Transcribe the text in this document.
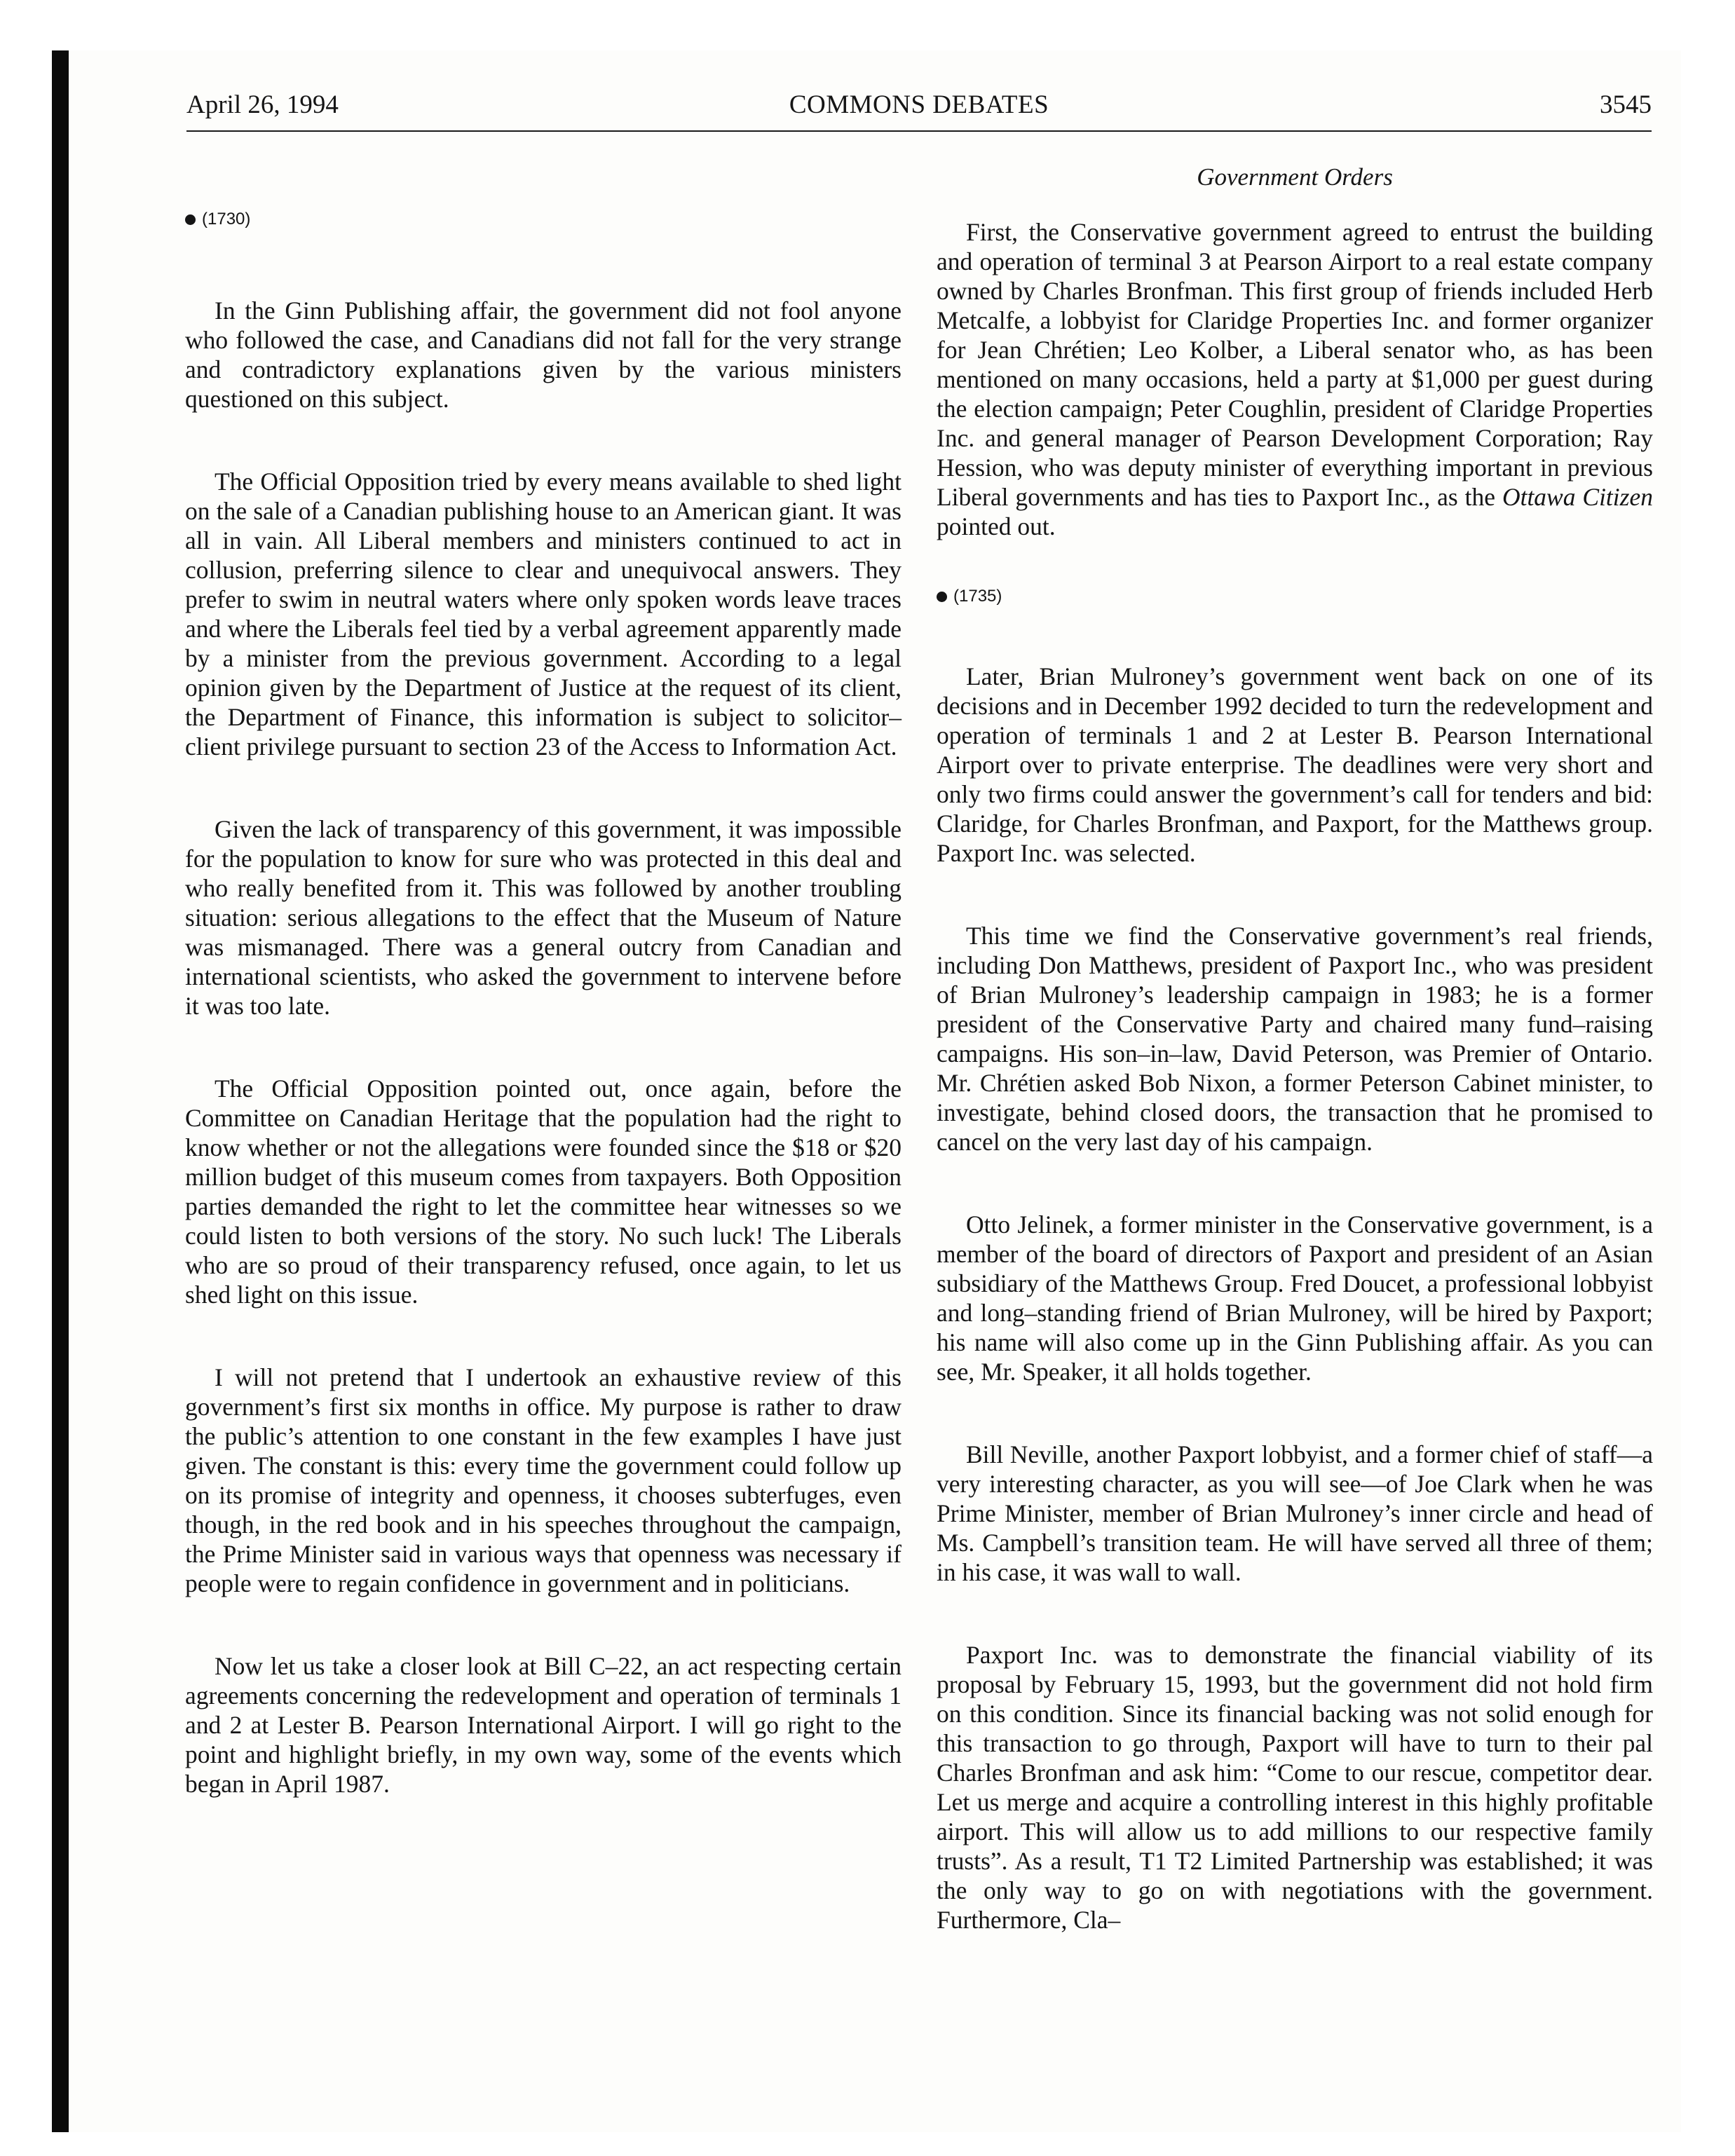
April 26, 1994	COMMONS DEBATES	3545
(1730)

In the Ginn Publishing affair, the government did not fool anyone who followed the case, and Canadians did not fall for the very strange and contradictory explanations given by the various ministers questioned on this subject.

The Official Opposition tried by every means available to shed light on the sale of a Canadian publishing house to an American giant. It was all in vain. All Liberal members and ministers continued to act in collusion, preferring silence to clear and unequivocal answers. They prefer to swim in neutral waters where only spoken words leave traces and where the Liberals feel tied by a verbal agreement apparently made by a minister from the previous government. According to a legal opinion given by the Department of Justice at the request of its client, the Department of Finance, this information is subject to solicitor–client privilege pursuant to section 23 of the Access to Information Act.

Given the lack of transparency of this government, it was impossible for the population to know for sure who was protected in this deal and who really benefited from it. This was followed by another troubling situation: serious allegations to the effect that the Museum of Nature was mismanaged. There was a general outcry from Canadian and international scientists, who asked the government to intervene before it was too late.

The Official Opposition pointed out, once again, before the Committee on Canadian Heritage that the population had the right to know whether or not the allegations were founded since the $18 or $20 million budget of this museum comes from taxpayers. Both Opposition parties demanded the right to let the committee hear witnesses so we could listen to both versions of the story. No such luck! The Liberals who are so proud of their transparency refused, once again, to let us shed light on this issue.

I will not pretend that I undertook an exhaustive review of this government’s first six months in office. My purpose is rather to draw the public’s attention to one constant in the few examples I have just given. The constant is this: every time the government could follow up on its promise of integrity and openness, it chooses subterfuges, even though, in the red book and in his speeches throughout the campaign, the Prime Minister said in various ways that openness was necessary if people were to regain confidence in government and in politicians.

Now let us take a closer look at Bill C–22, an act respecting certain agreements concerning the redevelopment and operation of terminals 1 and 2 at Lester B. Pearson International Airport. I will go right to the point and highlight briefly, in my own way, some of the events which began in April 1987.

Government Orders

First, the Conservative government agreed to entrust the building and operation of terminal 3 at Pearson Airport to a real estate company owned by Charles Bronfman. This first group of friends included Herb Metcalfe, a lobbyist for Claridge Properties Inc. and former organizer for Jean Chrétien; Leo Kolber, a Liberal senator who, as has been mentioned on many occasions, held a party at $1,000 per guest during the election campaign; Peter Coughlin, president of Claridge Properties Inc. and general manager of Pearson Development Corporation; Ray Hession, who was deputy minister of everything important in previous Liberal governments and has ties to Paxport Inc., as the Ottawa Citizen pointed out.

(1735)

Later, Brian Mulroney’s government went back on one of its decisions and in December 1992 decided to turn the redevelopment and operation of terminals 1 and 2 at Lester B. Pearson International Airport over to private enterprise. The deadlines were very short and only two firms could answer the government’s call for tenders and bid: Claridge, for Charles Bronfman, and Paxport, for the Matthews group. Paxport Inc. was selected.

This time we find the Conservative government’s real friends, including Don Matthews, president of Paxport Inc., who was president of Brian Mulroney’s leadership campaign in 1983; he is a former president of the Conservative Party and chaired many fund–raising campaigns. His son–in–law, David Peterson, was Premier of Ontario. Mr. Chrétien asked Bob Nixon, a former Peterson Cabinet minister, to investigate, behind closed doors, the transaction that he promised to cancel on the very last day of his campaign.

Otto Jelinek, a former minister in the Conservative government, is a member of the board of directors of Paxport and president of an Asian subsidiary of the Matthews Group. Fred Doucet, a professional lobbyist and long–standing friend of Brian Mulroney, will be hired by Paxport; his name will also come up in the Ginn Publishing affair. As you can see, Mr. Speaker, it all holds together.

Bill Neville, another Paxport lobbyist, and a former chief of staff—a very interesting character, as you will see—of Joe Clark when he was Prime Minister, member of Brian Mulroney’s inner circle and head of Ms. Campbell’s transition team. He will have served all three of them; in his case, it was wall to wall.

Paxport Inc. was to demonstrate the financial viability of its proposal by February 15, 1993, but the government did not hold firm on this condition. Since its financial backing was not solid enough for this transaction to go through, Paxport will have to turn to their pal Charles Bronfman and ask him: “Come to our rescue, competitor dear. Let us merge and acquire a controlling interest in this highly profitable airport. This will allow us to add millions to our respective family trusts”. As a result, T1 T2 Limited Partnership was established; it was the only way to go on with negotiations with the government. Furthermore, Cla–
